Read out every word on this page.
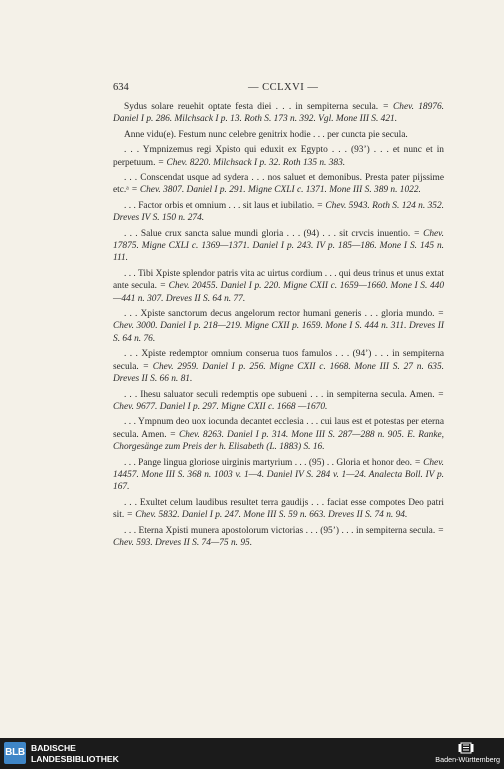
634	— CCLXVI —

Sydus solare reuehit optate festa diei . . . in sempiterna secula. = Chev. 18976. Daniel I p. 286. Milchsack I p. 13. Roth S. 173 n. 392. Vgl. Mone III S. 421.

Anne vidu(e). Festum nunc celebre genitrix hodie . . . per cuncta pie secula.

. . . Ympnizemus regi Xpisto qui eduxit ex Egypto . . . (93’) . . . et nunc et in perpetuum. = Chev. 8220. Milchsack I p. 32. Roth 135 n. 383.

. . . Conscendat usque ad sydera . . . nos saluet et demonibus. Presta pater pijssime etc.ᵃ = Chev. 3807. Daniel I p. 291. Migne CXLI c. 1371. Mone III S. 389 n. 1022.

. . . Factor orbis et omnium . . . sit laus et iubilatio. = Chev. 5943. Roth S. 124 n. 352. Dreves IV S. 150 n. 274.

. . . Salue crux sancta salue mundi gloria . . . (94) . . . sit crvcis inuentio. = Chev. 17875. Migne CXLI c. 1369—1371. Daniel I p. 243. IV p. 185—186. Mone I S. 145 n. 111.

. . . Tibi Xpiste splendor patris vita ac uirtus cordium . . . qui deus trinus et unus extat ante secula. = Chev. 20455. Daniel I p. 220. Migne CXII c. 1659—1660. Mone I S. 440—441 n. 307. Dreves II S. 64 n. 77.

. . . Xpiste sanctorum decus angelorum rector humani generis . . . gloria mundo. = Chev. 3000. Daniel I p. 218—219. Migne CXII p. 1659. Mone I S. 444 n. 311. Dreves II S. 64 n. 76.

. . . Xpiste redemptor omnium conserua tuos famulos . . . (94’) . . . in sempiterna secula. = Chev. 2959. Daniel I p. 256. Migne CXII c. 1668. Mone III S. 27 n. 635. Dreves II S. 66 n. 81.

. . . Ihesu saluator seculi redemptis ope subueni . . . in sempiterna secula. Amen. = Chev. 9677. Daniel I p. 297. Migne CXII c. 1668 —1670.

. . . Ympnum deo uox iocunda decantet ecclesia . . . cui laus est et potestas per eterna secula. Amen. = Chev. 8263. Daniel I p. 314. Mone III S. 287—288 n. 905. E. Ranke, Chorgesänge zum Preis der h. Elisabeth (L. 1883) S. 16.

. . . Pange lingua gloriose uirginis martyrium . . . (95) . . Gloria et honor deo. = Chev. 14457. Mone III S. 368 n. 1003 v. 1—4. Daniel IV S. 284 v. 1—24. Analecta Boll. IV p. 167.

. . . Exultet celum laudibus resultet terra gaudijs . . . faciat esse compotes Deo patri sit. = Chev. 5832. Daniel I p. 247. Mone III S. 59 n. 663. Dreves II S. 74 n. 94.

. . . Eterna Xpisti munera apostolorum victorias . . . (95’) . . . in sempiterna secula. = Chev. 593. Dreves II S. 74—75 n. 95.

BLB BADISCHE
LANDESBIBLIOTHEK	Baden-Württemberg
